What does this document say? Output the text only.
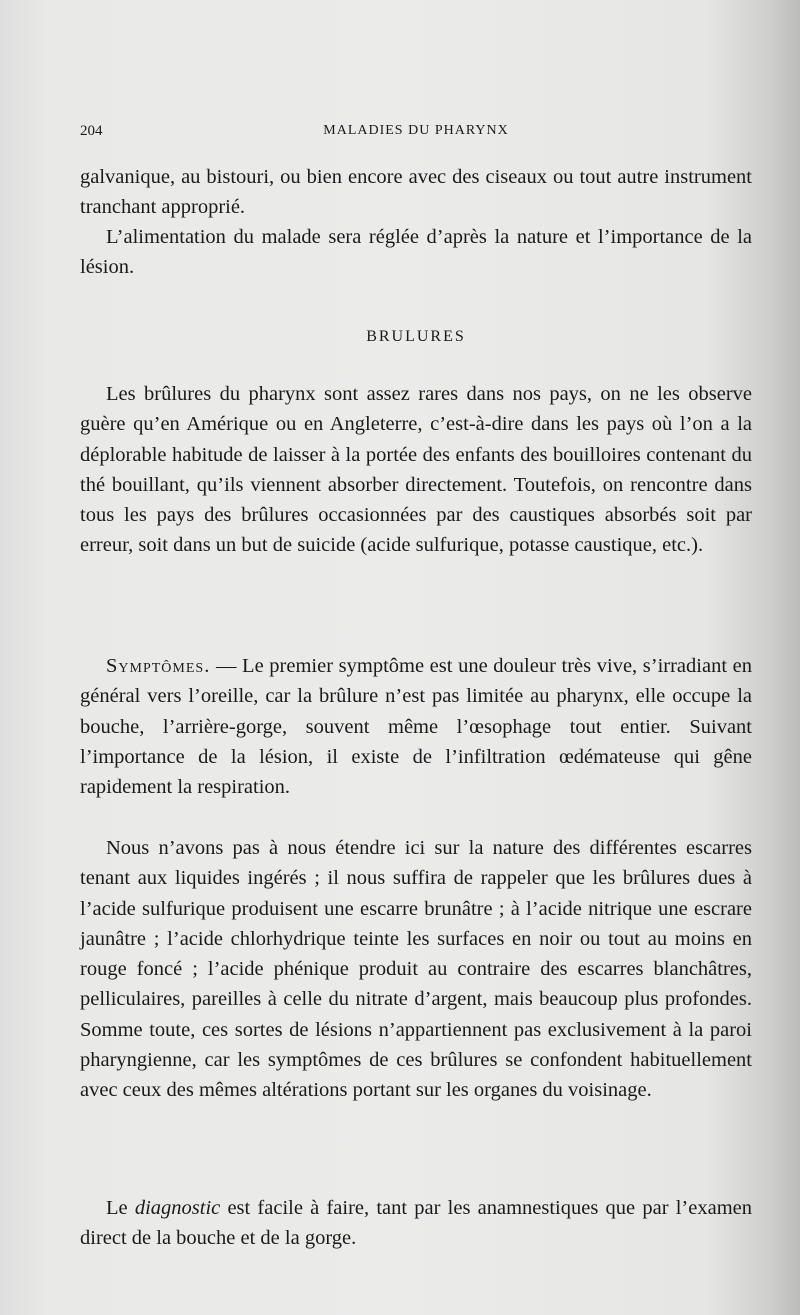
204	MALADIES DU PHARYNX

galvanique, au bistouri, ou bien encore avec des ciseaux ou tout autre instrument tranchant approprié.

L’alimentation du malade sera réglée d’après la nature et l’importance de la lésion.

BRULURES

Les brûlures du pharynx sont assez rares dans nos pays, on ne les observe guère qu’en Amérique ou en Angleterre, c’est-à-dire dans les pays où l’on a la déplorable habitude de laisser à la portée des enfants des bouilloires contenant du thé bouillant, qu’ils viennent absorber directement. Toutefois, on rencontre dans tous les pays des brûlures occasionnées par des caustiques absorbés soit par erreur, soit dans un but de suicide (acide sulfurique, potasse caustique, etc.).

Symptômes. — Le premier symptôme est une douleur très vive, s’irradiant en général vers l’oreille, car la brûlure n’est pas limitée au pharynx, elle occupe la bouche, l’arrière-gorge, souvent même l’œsophage tout entier. Suivant l’importance de la lésion, il existe de l’infiltration œdémateuse qui gêne rapidement la respiration.

Nous n’avons pas à nous étendre ici sur la nature des différentes escarres tenant aux liquides ingérés ; il nous suffira de rappeler que les brûlures dues à l’acide sulfurique produisent une escarre brunâtre ; à l’acide nitrique une escrare jaunâtre ; l’acide chlorhydrique teinte les surfaces en noir ou tout au moins en rouge foncé ; l’acide phénique produit au contraire des escarres blanchâtres, pelliculaires, pareilles à celle du nitrate d’argent, mais beaucoup plus profondes. Somme toute, ces sortes de lésions n’appartiennent pas exclusivement à la paroi pharyngienne, car les symptômes de ces brûlures se confondent habituellement avec ceux des mêmes altérations portant sur les organes du voisinage.

Le diagnostic est facile à faire, tant par les anamnestiques que par l’examen direct de la bouche et de la gorge.
